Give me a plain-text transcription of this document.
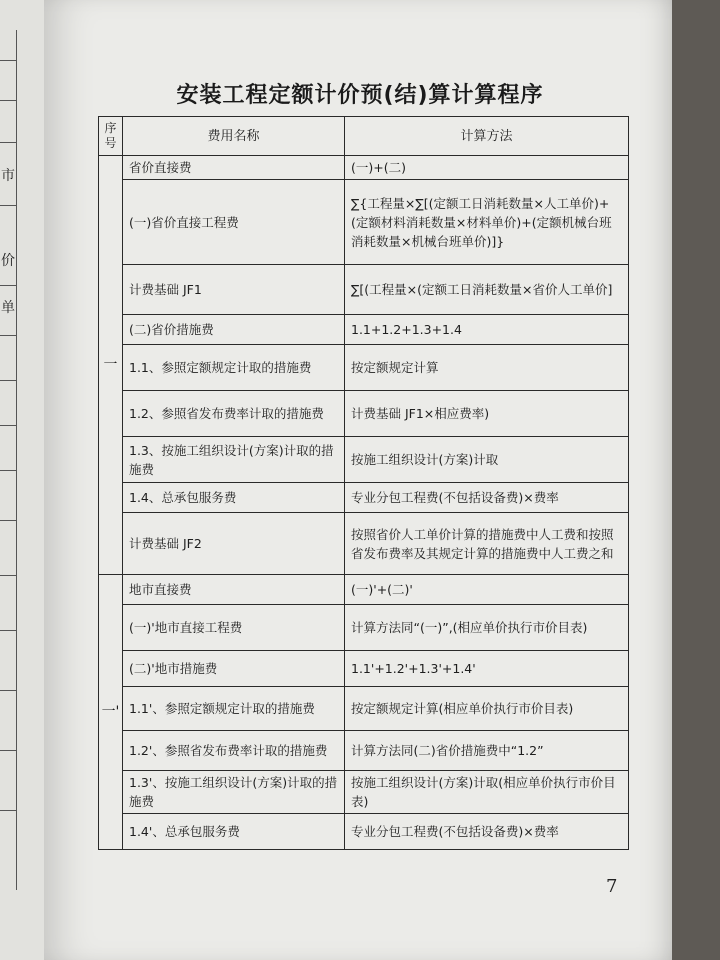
市
价
单
安装工程定额计价预(结)算计算程序
序号	费用名称	计算方法
一	省价直接费	(一)+(二)
	(一)省价直接工程费	∑{工程量×∑[(定额工日消耗数量×人工单价)+(定额材料消耗数量×材料单价)+(定额机械台班消耗数量×机械台班单价)]}
	计费基础 JF1	∑[(工程量×(定额工日消耗数量×省价人工单价]
	(二)省价措施费	1.1+1.2+1.3+1.4
	1.1、参照定额规定计取的措施费	按定额规定计算
	1.2、参照省发布费率计取的措施费	计费基础 JF1×相应费率)
	1.3、按施工组织设计(方案)计取的措施费	按施工组织设计(方案)计取
	1.4、总承包服务费	专业分包工程费(不包括设备费)×费率
	计费基础 JF2	按照省价人工单价计算的措施费中人工费和按照省发布费率及其规定计算的措施费中人工费之和
一'	地市直接费	(一)'+(二)'
	(一)'地市直接工程费	计算方法同“(一)”,(相应单价执行市价目表)
	(二)'地市措施费	1.1'+1.2'+1.3'+1.4'
	1.1'、参照定额规定计取的措施费	按定额规定计算(相应单价执行市价目表)
	1.2'、参照省发布费率计取的措施费	计算方法同(二)省价措施费中“1.2”
	1.3'、按施工组织设计(方案)计取的措施费	按施工组织设计(方案)计取(相应单价执行市价目表)
	1.4'、总承包服务费	专业分包工程费(不包括设备费)×费率
7
